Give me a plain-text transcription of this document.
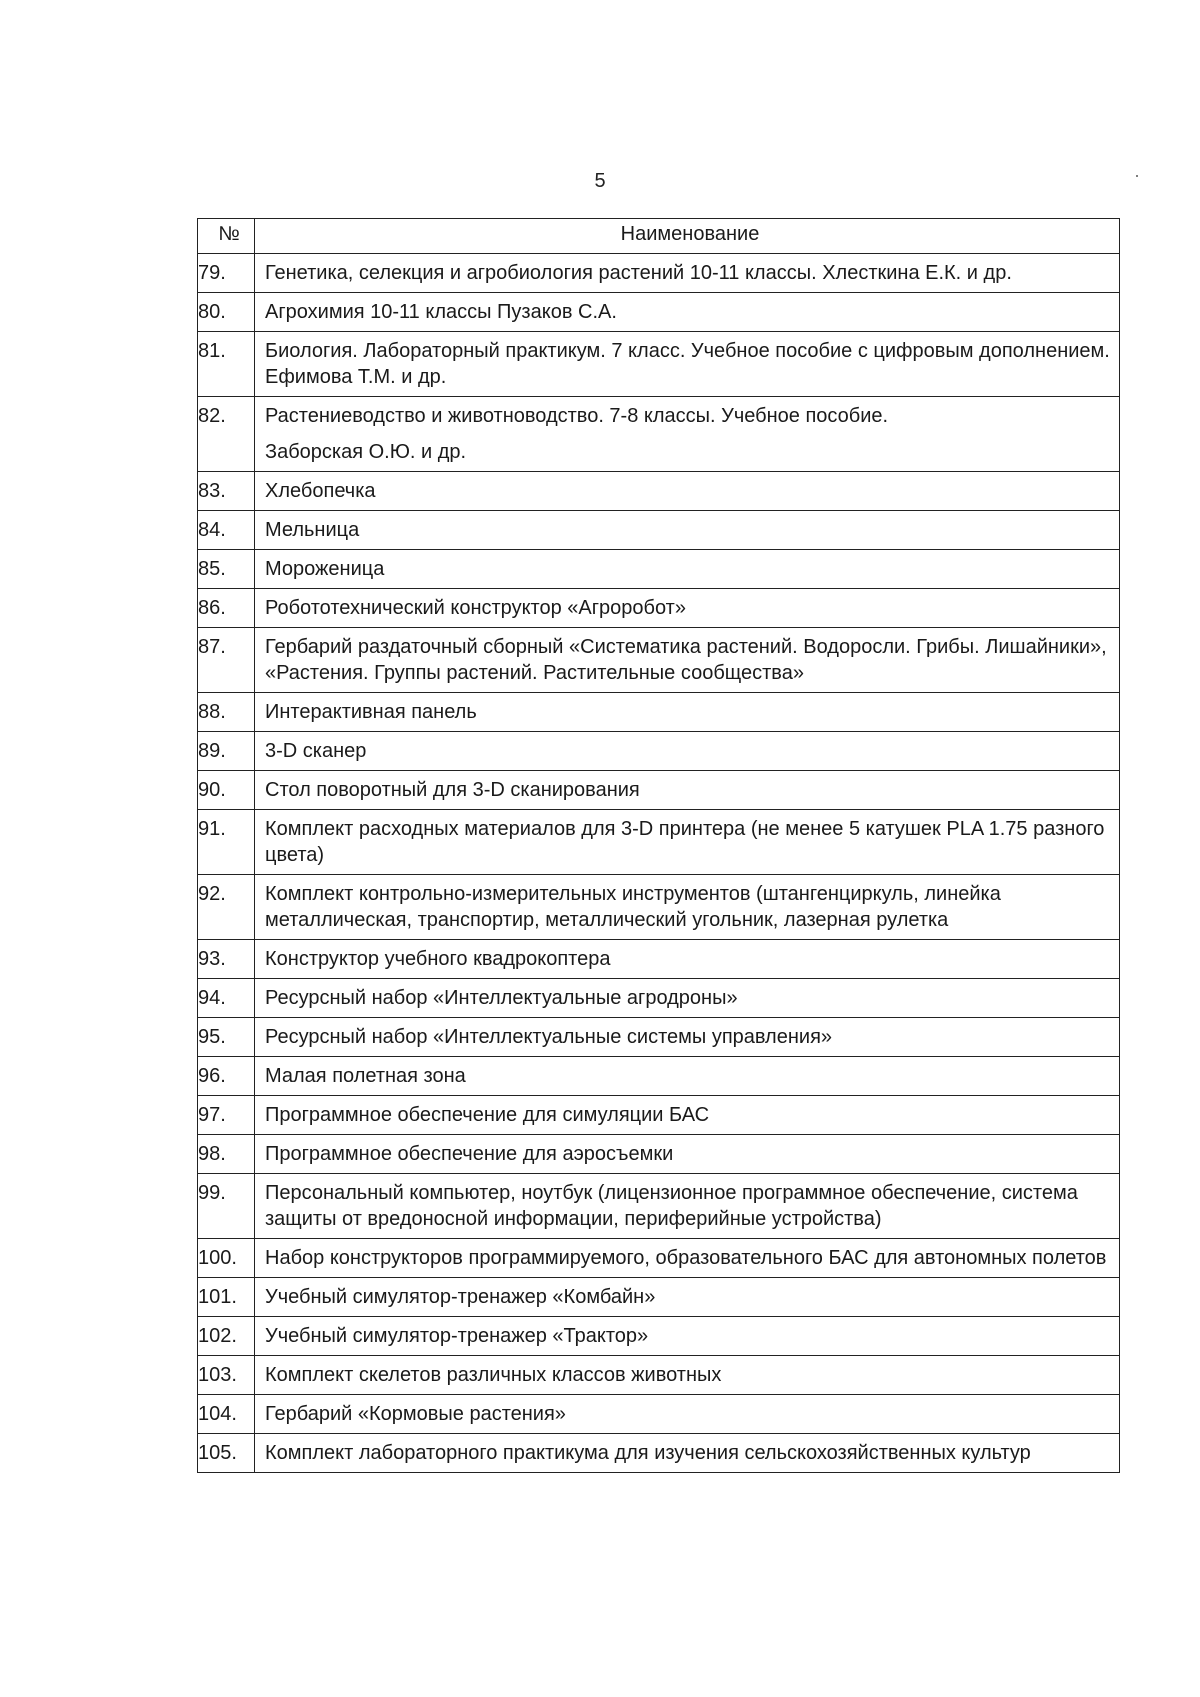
5
№	Наименование
79.	Генетика, селекция и агробиология растений 10-11 классы. Хлесткина Е.К. и др.
80.	Агрохимия 10-11 классы Пузаков С.А.
81.	Биология. Лабораторный практикум. 7 класс. Учебное пособие с цифровым дополнением. Ефимова Т.М. и др.
82.	Растениеводство и животноводство. 7-8 классы. Учебное пособие.
Заборская О.Ю. и др.

83.	Хлебопечка
84.	Мельница
85.	Мороженица
86.	Робототехнический конструктор «Агроробот»
87.	Гербарий раздаточный сборный «Систематика растений. Водоросли. Грибы. Лишайники», «Растения. Группы растений. Растительные сообщества»
88.	Интерактивная панель
89.	3-D сканер
90.	Стол поворотный для 3-D сканирования
91.	Комплект расходных материалов для 3-D принтера (не менее 5 катушек PLA 1.75 разного цвета)
92.	Комплект контрольно-измерительных инструментов (штангенциркуль, линейка металлическая, транспортир, металлический угольник, лазерная рулетка
93.	Конструктор учебного квадрокоптера
94.	Ресурсный набор «Интеллектуальные агродроны»
95.	Ресурсный набор «Интеллектуальные системы управления»
96.	Малая полетная зона
97.	Программное обеспечение для симуляции БАС
98.	Программное обеспечение для аэросъемки
99.	Персональный компьютер, ноутбук (лицензионное программное обеспечение, система защиты от вредоносной информации, периферийные устройства)
100.	Набор конструкторов программируемого, образовательного БАС для автономных полетов
101.	Учебный симулятор-тренажер «Комбайн»
102.	Учебный симулятор-тренажер «Трактор»
103.	Комплект скелетов различных классов животных
104.	Гербарий «Кормовые растения»
105.	Комплект лабораторного практикума для изучения сельскохозяйственных культур
